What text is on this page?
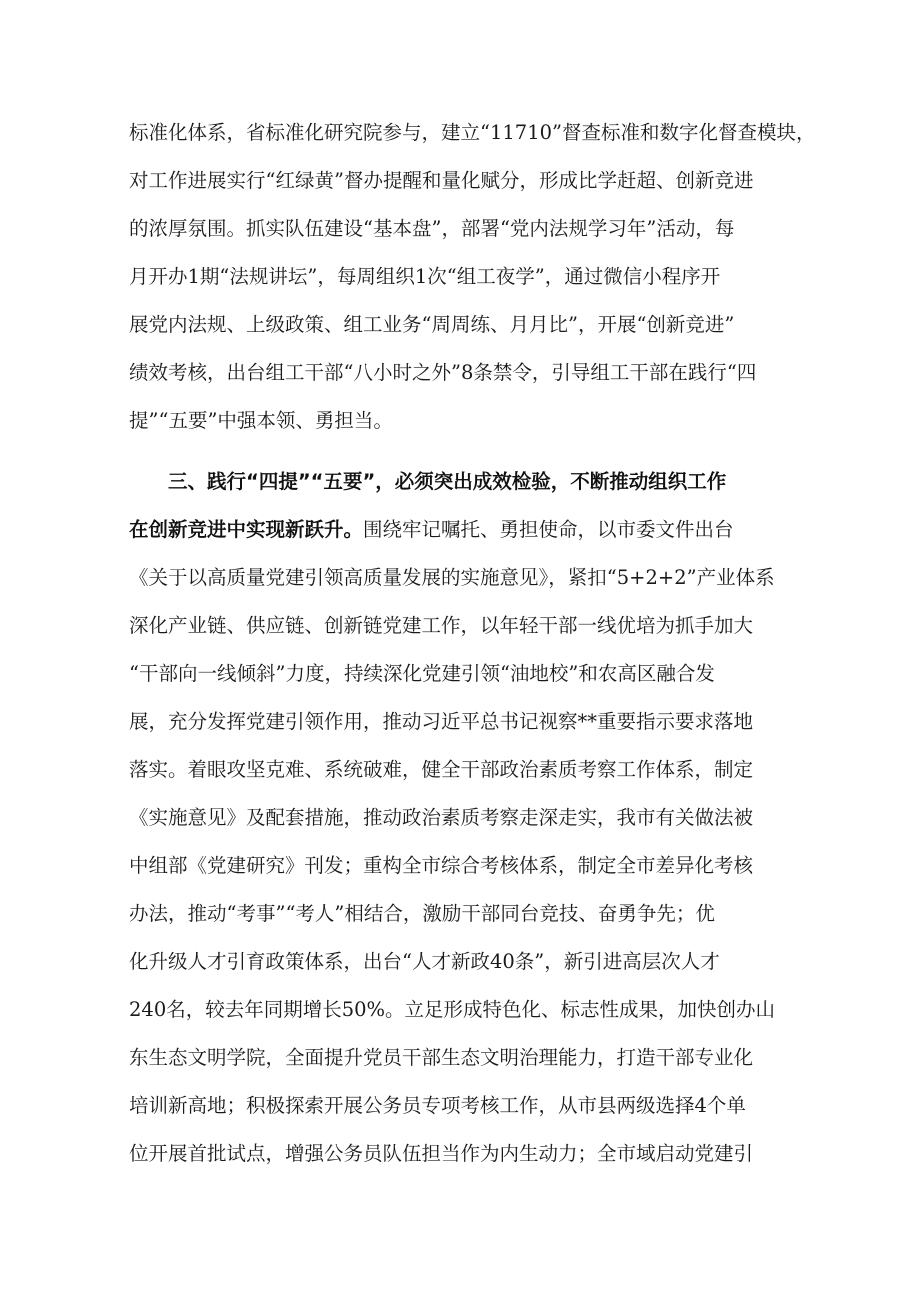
标准化体系，省标准化研究院参与，建立“11710”督查标准和数字化督查模块，
对工作进展实行“红绿黄”督办提醒和量化赋分，形成比学赶超、创新竞进
的浓厚氛围。抓实队伍建设“基本盘”，部署“党内法规学习年”活动，每
月开办1期“法规讲坛”，每周组织1次“组工夜学”，通过微信小程序开
展党内法规、上级政策、组工业务“周周练、月月比”，开展“创新竞进”
绩效考核，出台组工干部“八小时之外”8条禁令，引导组工干部在践行“四
提”“五要”中强本领、勇担当。
三、践行“四提”“五要”，必须突出成效检验，不断推动组织工作
在创新竞进中实现新跃升。围绕牢记嘱托、勇担使命，以市委文件出台
《关于以高质量党建引领高质量发展的实施意见》，紧扣“5+2+2”产业体系
深化产业链、供应链、创新链党建工作，以年轻干部一线优培为抓手加大
“干部向一线倾斜”力度，持续深化党建引领“油地校”和农高区融合发
展，充分发挥党建引领作用，推动习近平总书记视察**重要指示要求落地
落实。着眼攻坚克难、系统破难，健全干部政治素质考察工作体系，制定
《实施意见》及配套措施，推动政治素质考察走深走实，我市有关做法被
中组部《党建研究》刊发；重构全市综合考核体系，制定全市差异化考核
办法，推动“考事”“考人”相结合，激励干部同台竞技、奋勇争先；优
化升级人才引育政策体系，出台“人才新政40条”，新引进高层次人才
240名，较去年同期增长50%。立足形成特色化、标志性成果，加快创办山
东生态文明学院，全面提升党员干部生态文明治理能力，打造干部专业化
培训新高地；积极探索开展公务员专项考核工作，从市县两级选择4个单
位开展首批试点，增强公务员队伍担当作为内生动力；全市域启动党建引
